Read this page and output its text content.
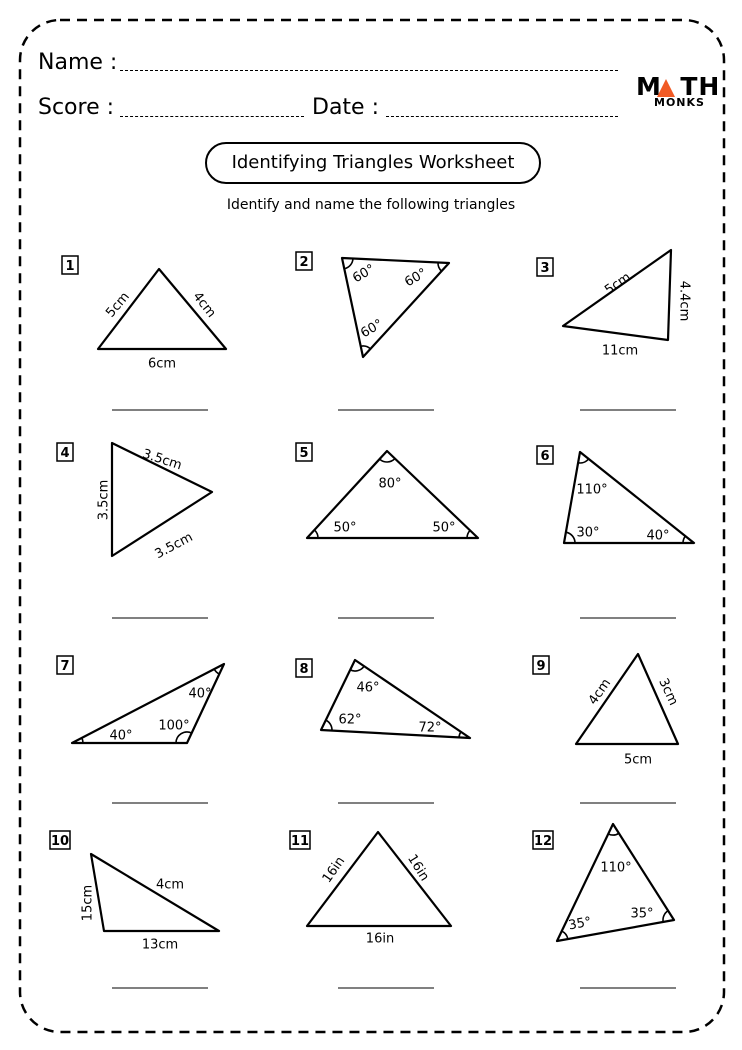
Name :
Score :	Date :
M TH
MONKS
Identifying Triangles Worksheet
Identify and name the following triangles
1
5cm	4cm
6cm
2	60° 60°
60°
3
5cm	4.4cm
11cm
4	3.5cm
3.5cm
3.5cm
5
80°
50°	50°
6
110°
30°	40°
7
40°
40°
100°
8
46°
62°
72°
9
4cm	3cm
5cm
10
4cm
15cm
13cm
11
16in	16in
16in
12
110°
35°
35°
